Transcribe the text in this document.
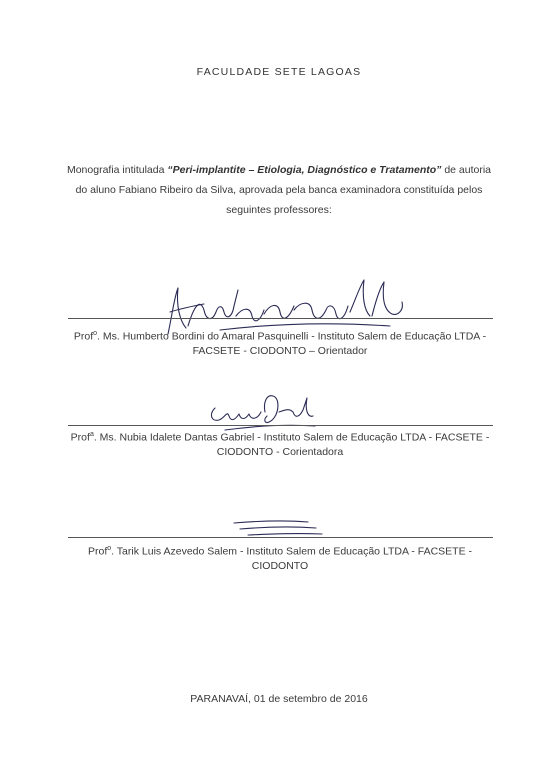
FACULDADE SETE LAGOAS
Monografia intitulada “Peri-implantite – Etiologia, Diagnóstico e Tratamento” de autoria do aluno Fabiano Ribeiro da Silva, aprovada pela banca examinadora constituída pelos seguintes professores:
Prof$^o$. Ms. Humberto Bordini do Amaral Pasquinelli - Instituto Salem de Educação LTDA - FACSETE - CIODONTO – Orientador
Prof$^a$. Ms. Nubia Idalete Dantas Gabriel - Instituto Salem de Educação LTDA - FACSETE - CIODONTO - Corientadora
Prof$^o$. Tarik Luis Azevedo Salem - Instituto Salem de Educação LTDA - FACSETE - CIODONTO
PARANAVAÍ, 01 de setembro de 2016
